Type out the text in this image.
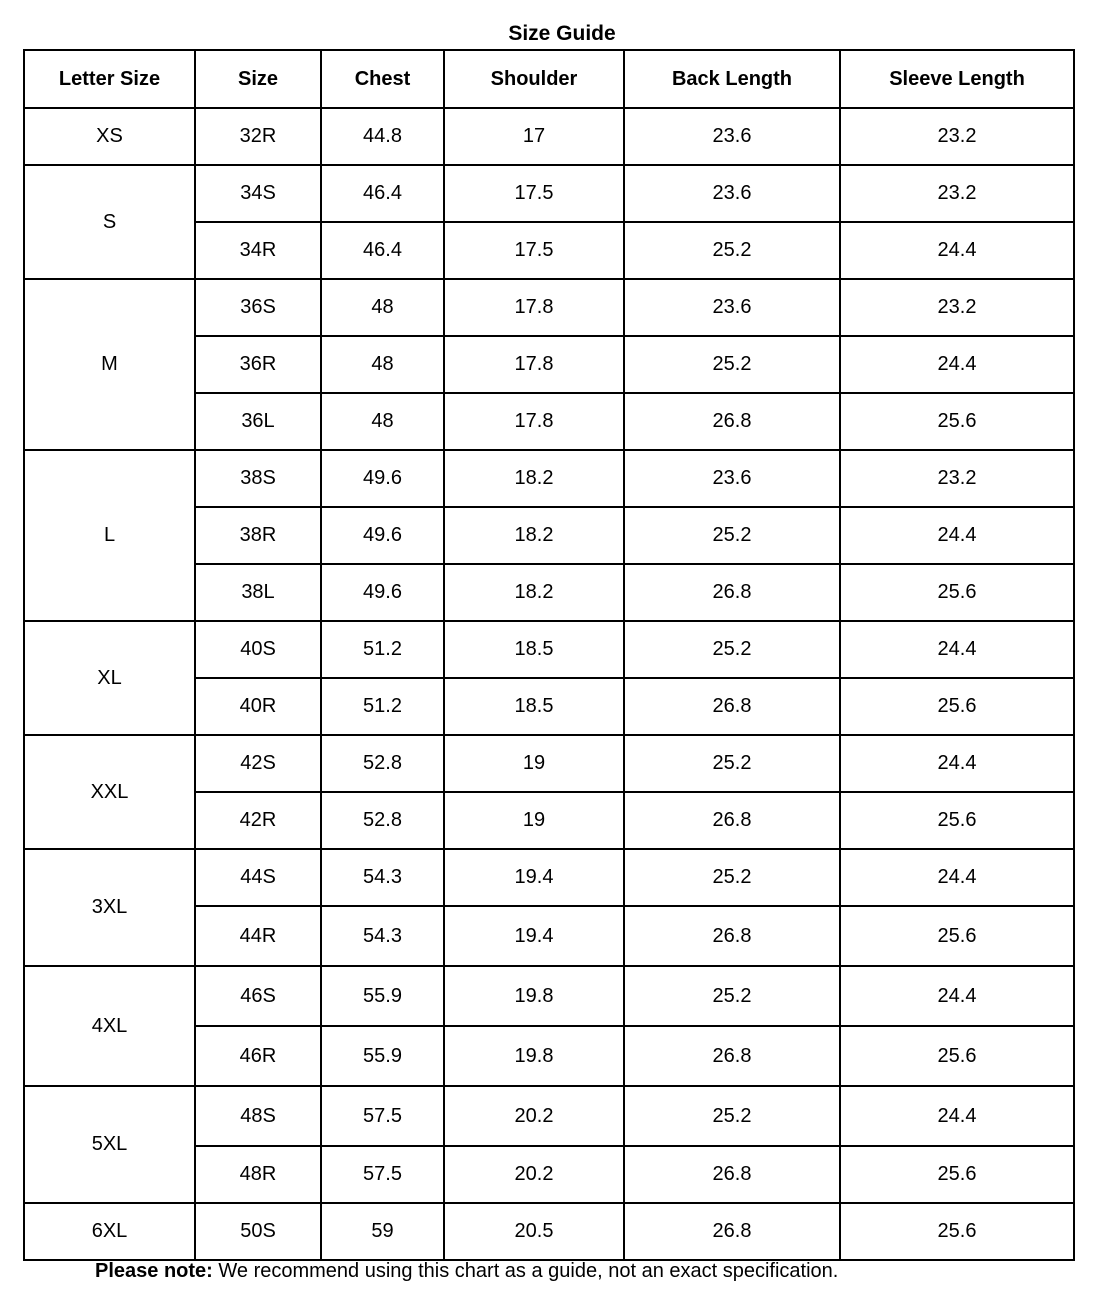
Size Guide
Letter Size	Size	Chest	Shoulder	Back Length	Sleeve Length
XS	32R	44.8	17	23.6	23.2
S	34S	46.4	17.5	23.6	23.2
	34R	46.4	17.5	25.2	24.4
M	36S	48	17.8	23.6	23.2
	36R	48	17.8	25.2	24.4
	36L	48	17.8	26.8	25.6
L	38S	49.6	18.2	23.6	23.2
	38R	49.6	18.2	25.2	24.4
	38L	49.6	18.2	26.8	25.6
XL	40S	51.2	18.5	25.2	24.4
	40R	51.2	18.5	26.8	25.6
XXL	42S	52.8	19	25.2	24.4
	42R	52.8	19	26.8	25.6
3XL	44S	54.3	19.4	25.2	24.4
	44R	54.3	19.4	26.8	25.6
4XL	46S	55.9	19.8	25.2	24.4
	46R	55.9	19.8	26.8	25.6
5XL	48S	57.5	20.2	25.2	24.4
	48R	57.5	20.2	26.8	25.6
6XL	50S	59	20.5	26.8	25.6
Please note: We recommend using this chart as a guide, not an exact specification.
